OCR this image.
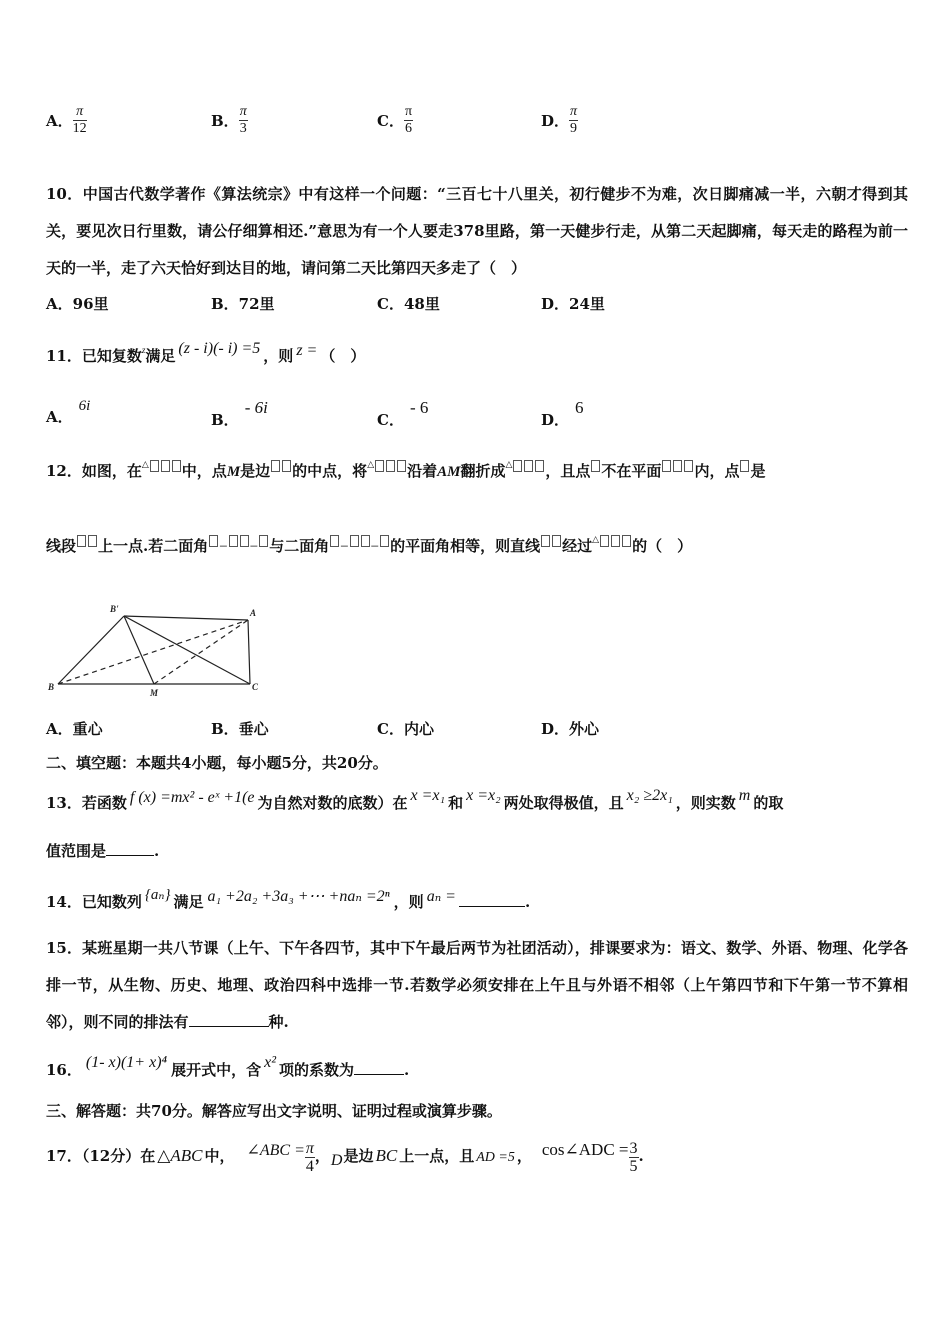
A． $\frac{\pi}{12}$	B． $\frac{\pi}{3}$	C． $\frac{\pi}{6}$	D． $\frac{\pi}{9}$
10．中国古代数学著作《算法统宗》中有这样一个问题：“三百七十八里关，初行健步不为难，次日脚痛减一半，六朝才得到其关，要见次日行里数，请公仔细算相还.”意思为有一个人要走378里路，第一天健步行走，从第二天起脚痛，每天走的路程为前一天的一半，走了六天恰好到达目的地，请问第二天比第四天多走了（　）
A．96里	B．72里	C．48里	D．24里
11．已知复数$^z$满足 (z - i)(- i) =5 ，则 z = （　）
A．6i
B．- 6i
C．- 6
D．6
12．如图，在△ 中，点M是边 的中点，将△ 沿着AM翻折成△ ，且点 不在平面 内，点 是
线段 上一点.若二面角 − − 与二面角 − − 的平面角相等，则直线 经过△ 的（　）
B'	A
B
M
C
A．重心	B．垂心	C．内心	D．外心
二、填空题：本题共4小题，每小题5分，共20分。
13．若函数 f (x) =mx² - eˣ +1(e 为自然对数的底数）在 x =x₁ 和 x =x₂ 两处取得极值，且 x₂ ≥2x₁ ，则实数 m 的取
值范围是	.
14．已知数列 {aₙ} 满足 a₁ +2a₂ +3a₃ +⋯ +naₙ =2ⁿ ，则 aₙ =	.
15．某班星期一共八节课（上午、下午各四节，其中下午最后两节为社团活动），排课要求为：语文、数学、外语、物理、化学各排一节，从生物、历史、地理、政治四科中选排一节.若数学必须安排在上午且与外语不相邻（上午第四节和下午第一节不算相邻），则不同的排法有	种.
16． (1- x)(1+ x)⁴ 展开式中，含 x² 项的系数为	.
三、解答题：共70分。解答应写出文字说明、证明过程或演算步骤。
17．（12分）在 △ABC 中， ∠ABC = $\frac{\pi}{4}$ ，D是边 BC 上一点，且 AD =5 ， cos∠ADC = $\frac{3}{5}$ .
